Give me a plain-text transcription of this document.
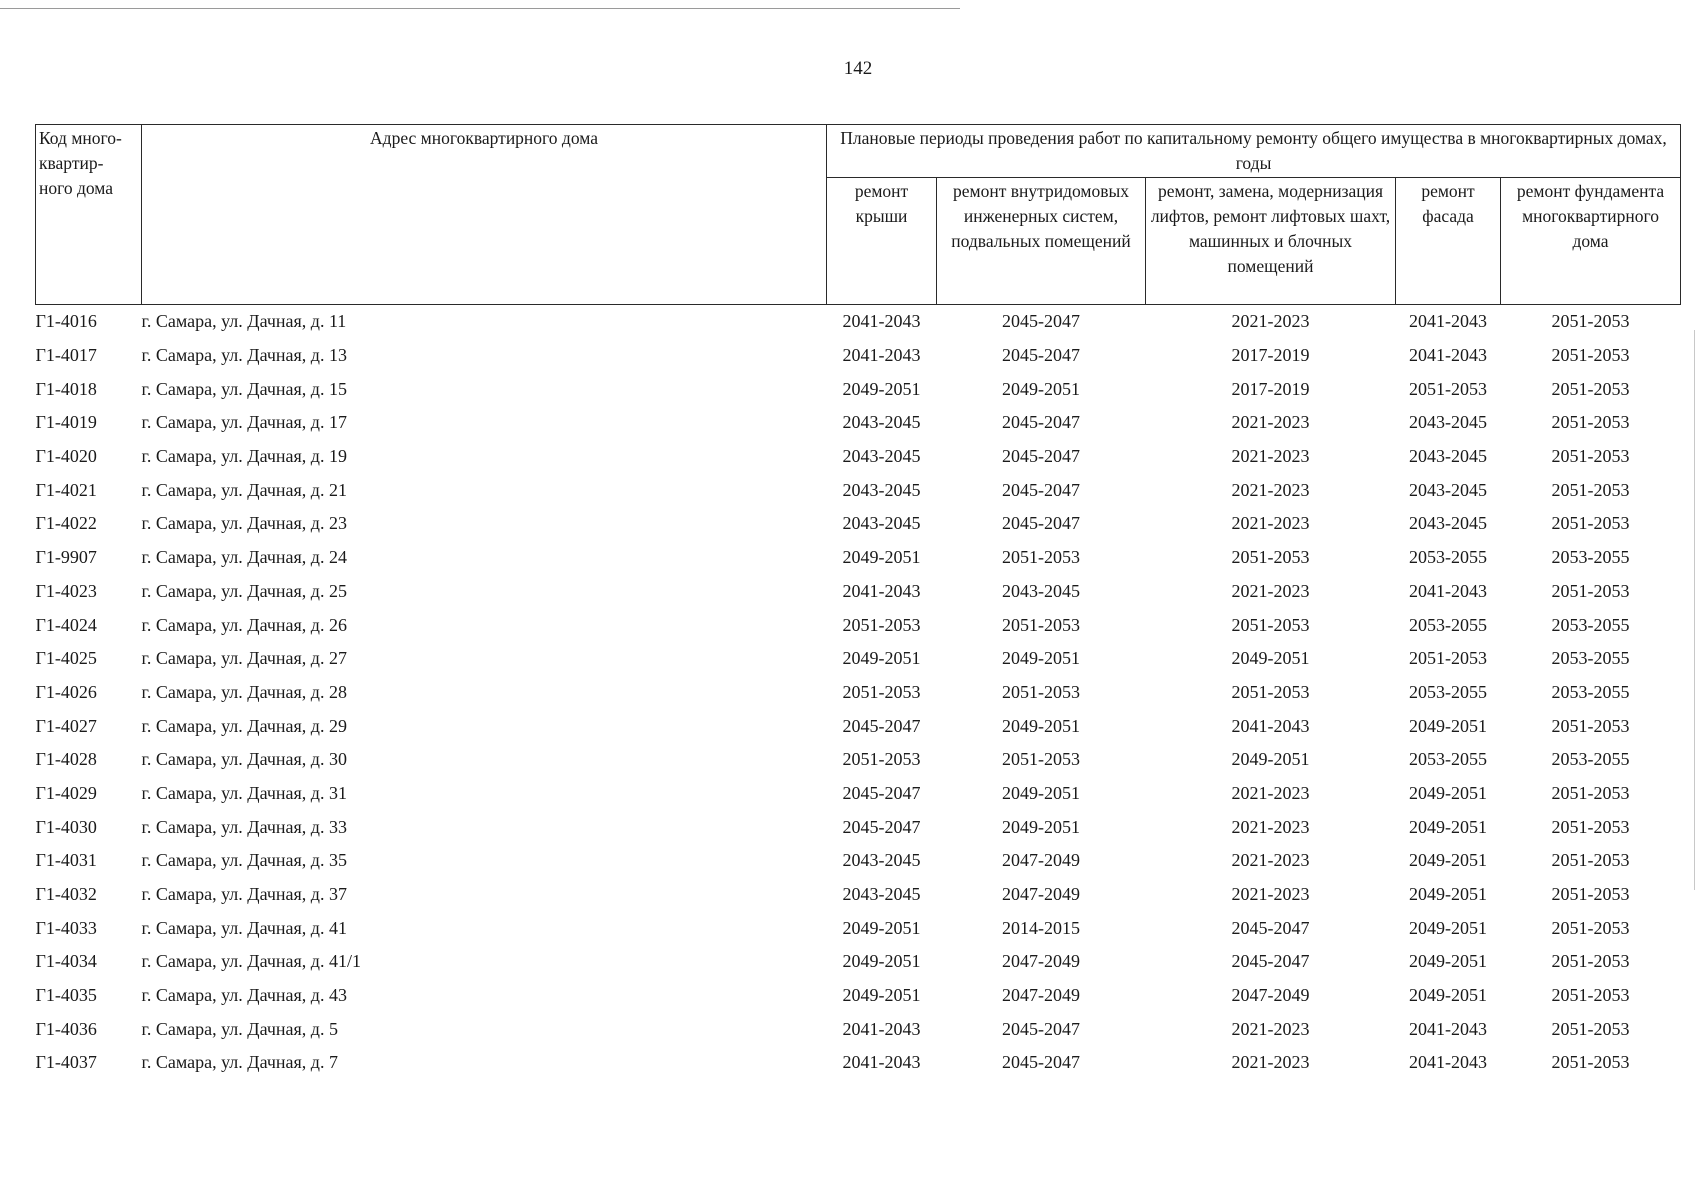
142
Код много- квартир- ного дома	Адрес многоквартирного дома	Плановые периоды проведения работ по капитальному ремонту общего имущества в многоквартирных домах, годы				
		ремонт крыши	ремонт внутридомовых инженерных систем, подвальных помещений	ремонт, замена, модернизация лифтов, ремонт лифтовых шахт, машинных и блочных помещений	ремонт фасада	ремонт фундамента многоквартирного дома
Г1-4016	г. Самара, ул. Дачная, д. 11	2041-2043	2045-2047	2021-2023	2041-2043	2051-2053
Г1-4017	г. Самара, ул. Дачная, д. 13	2041-2043	2045-2047	2017-2019	2041-2043	2051-2053
Г1-4018	г. Самара, ул. Дачная, д. 15	2049-2051	2049-2051	2017-2019	2051-2053	2051-2053
Г1-4019	г. Самара, ул. Дачная, д. 17	2043-2045	2045-2047	2021-2023	2043-2045	2051-2053
Г1-4020	г. Самара, ул. Дачная, д. 19	2043-2045	2045-2047	2021-2023	2043-2045	2051-2053
Г1-4021	г. Самара, ул. Дачная, д. 21	2043-2045	2045-2047	2021-2023	2043-2045	2051-2053
Г1-4022	г. Самара, ул. Дачная, д. 23	2043-2045	2045-2047	2021-2023	2043-2045	2051-2053
Г1-9907	г. Самара, ул. Дачная, д. 24	2049-2051	2051-2053	2051-2053	2053-2055	2053-2055
Г1-4023	г. Самара, ул. Дачная, д. 25	2041-2043	2043-2045	2021-2023	2041-2043	2051-2053
Г1-4024	г. Самара, ул. Дачная, д. 26	2051-2053	2051-2053	2051-2053	2053-2055	2053-2055
Г1-4025	г. Самара, ул. Дачная, д. 27	2049-2051	2049-2051	2049-2051	2051-2053	2053-2055
Г1-4026	г. Самара, ул. Дачная, д. 28	2051-2053	2051-2053	2051-2053	2053-2055	2053-2055
Г1-4027	г. Самара, ул. Дачная, д. 29	2045-2047	2049-2051	2041-2043	2049-2051	2051-2053
Г1-4028	г. Самара, ул. Дачная, д. 30	2051-2053	2051-2053	2049-2051	2053-2055	2053-2055
Г1-4029	г. Самара, ул. Дачная, д. 31	2045-2047	2049-2051	2021-2023	2049-2051	2051-2053
Г1-4030	г. Самара, ул. Дачная, д. 33	2045-2047	2049-2051	2021-2023	2049-2051	2051-2053
Г1-4031	г. Самара, ул. Дачная, д. 35	2043-2045	2047-2049	2021-2023	2049-2051	2051-2053
Г1-4032	г. Самара, ул. Дачная, д. 37	2043-2045	2047-2049	2021-2023	2049-2051	2051-2053
Г1-4033	г. Самара, ул. Дачная, д. 41	2049-2051	2014-2015	2045-2047	2049-2051	2051-2053
Г1-4034	г. Самара, ул. Дачная, д. 41/1	2049-2051	2047-2049	2045-2047	2049-2051	2051-2053
Г1-4035	г. Самара, ул. Дачная, д. 43	2049-2051	2047-2049	2047-2049	2049-2051	2051-2053
Г1-4036	г. Самара, ул. Дачная, д. 5	2041-2043	2045-2047	2021-2023	2041-2043	2051-2053
Г1-4037	г. Самара, ул. Дачная, д. 7	2041-2043	2045-2047	2021-2023	2041-2043	2051-2053
